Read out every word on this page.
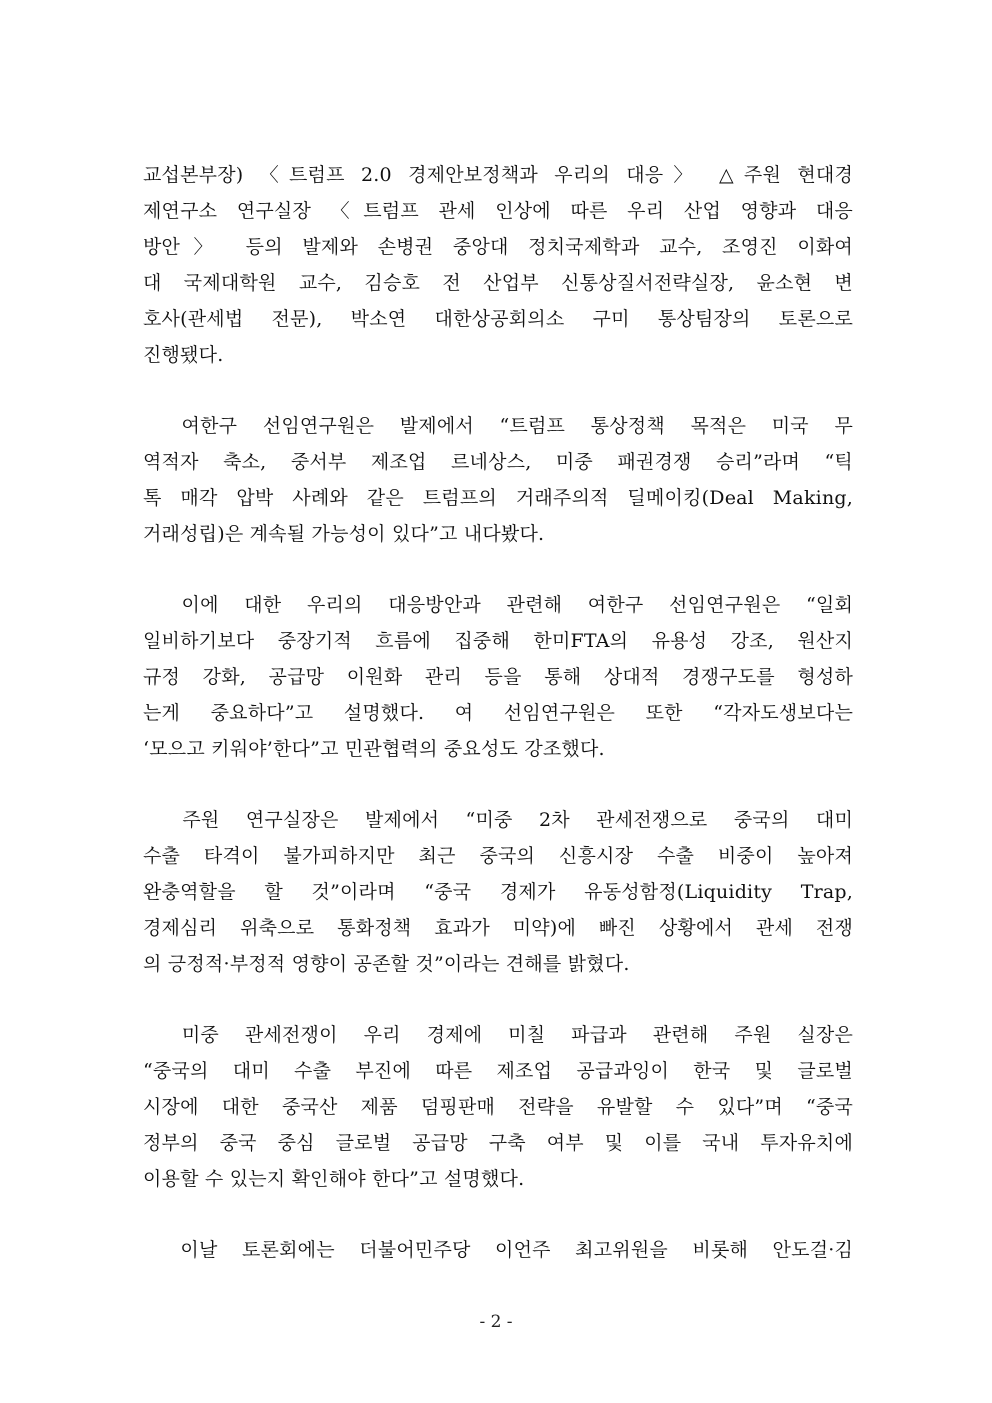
교섭본부장) 〈트럼프 2.0 경제안보정책과 우리의 대응〉 △주원 현대경
제연구소 연구실장 〈트럼프 관세 인상에 따른 우리 산업 영향과 대응
방안〉 등의 발제와 손병권 중앙대 정치국제학과 교수, 조영진 이화여
대 국제대학원 교수, 김승호 전 산업부 신통상질서전략실장, 윤소현 변
호사(관세법 전문), 박소연 대한상공회의소 구미 통상팀장의 토론으로
진행됐다.
　여한구 선임연구원은 발제에서 “트럼프 통상정책 목적은 미국 무
역적자 축소, 중서부 제조업 르네상스, 미중 패권경쟁 승리”라며 “틱
톡 매각 압박 사례와 같은 트럼프의 거래주의적 딜메이킹(Deal Making,
거래성립)은 계속될 가능성이 있다”고 내다봤다.
　이에 대한 우리의 대응방안과 관련해 여한구 선임연구원은 “일회
일비하기보다 중장기적 흐름에 집중해 한미FTA의 유용성 강조, 원산지
규정 강화, 공급망 이원화 관리 등을 통해 상대적 경쟁구도를 형성하
는게 중요하다”고 설명했다. 여 선임연구원은 또한 “각자도생보다는
‘모으고 키워야’한다”고 민관협력의 중요성도 강조했다.
　주원 연구실장은 발제에서 “미중 2차 관세전쟁으로 중국의 대미
수출 타격이 불가피하지만 최근 중국의 신흥시장 수출 비중이 높아져
완충역할을 할 것”이라며 “중국 경제가 유동성함정(Liquidity Trap,
경제심리 위축으로 통화정책 효과가 미약)에 빠진 상황에서 관세 전쟁
의 긍정적·부정적 영향이 공존할 것”이라는 견해를 밝혔다.
　미중 관세전쟁이 우리 경제에 미칠 파급과 관련해 주원 실장은
“중국의 대미 수출 부진에 따른 제조업 공급과잉이 한국 및 글로벌
시장에 대한 중국산 제품 덤핑판매 전략을 유발할 수 있다”며 “중국
정부의 중국 중심 글로벌 공급망 구축 여부 및 이를 국내 투자유치에
이용할 수 있는지 확인해야 한다”고 설명했다.
　이날 토론회에는 더불어민주당 이언주 최고위원을 비롯해 안도걸·김
- 2 -
